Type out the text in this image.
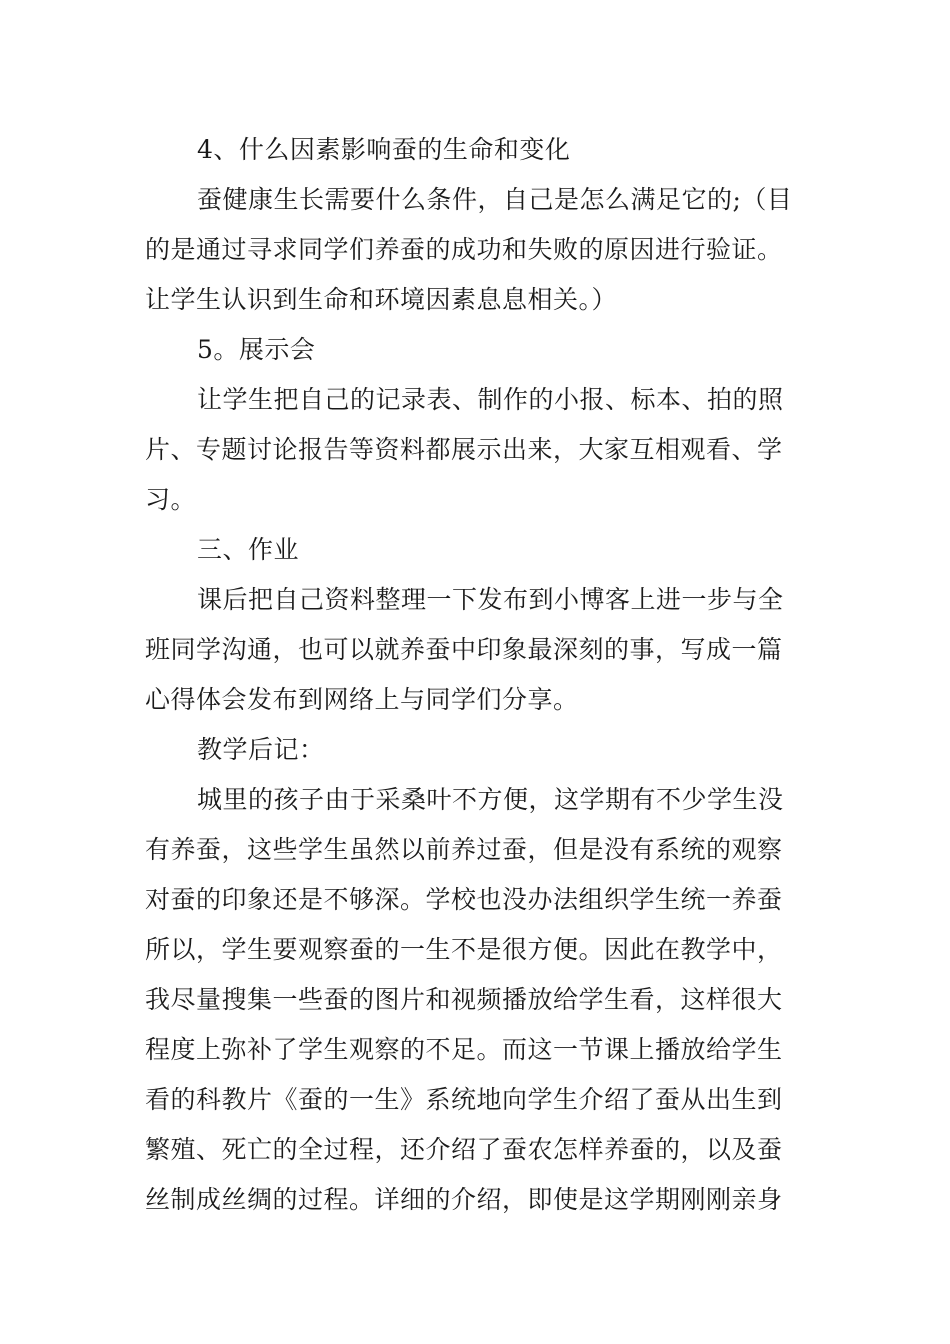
4、什么因素影响蚕的生命和变化
蚕健康生长需要什么条件，自己是怎么满足它的;（目
的是通过寻求同学们养蚕的成功和失败的原因进行验证。
让学生认识到生命和环境因素息息相关。）
5。展示会
让学生把自己的记录表、制作的小报、标本、拍的照
片、专题讨论报告等资料都展示出来，大家互相观看、学
习。
三、作业
课后把自己资料整理一下发布到小博客上进一步与全
班同学沟通，也可以就养蚕中印象最深刻的事，写成一篇
心得体会发布到网络上与同学们分享。
教学后记：
城里的孩子由于采桑叶不方便，这学期有不少学生没
有养蚕，这些学生虽然以前养过蚕，但是没有系统的观察
对蚕的印象还是不够深。学校也没办法组织学生统一养蚕
所以，学生要观察蚕的一生不是很方便。因此在教学中，
我尽量搜集一些蚕的图片和视频播放给学生看，这样很大
程度上弥补了学生观察的不足。而这一节课上播放给学生
看的科教片《蚕的一生》系统地向学生介绍了蚕从出生到
繁殖、死亡的全过程，还介绍了蚕农怎样养蚕的，以及蚕
丝制成丝绸的过程。详细的介绍，即使是这学期刚刚亲身
